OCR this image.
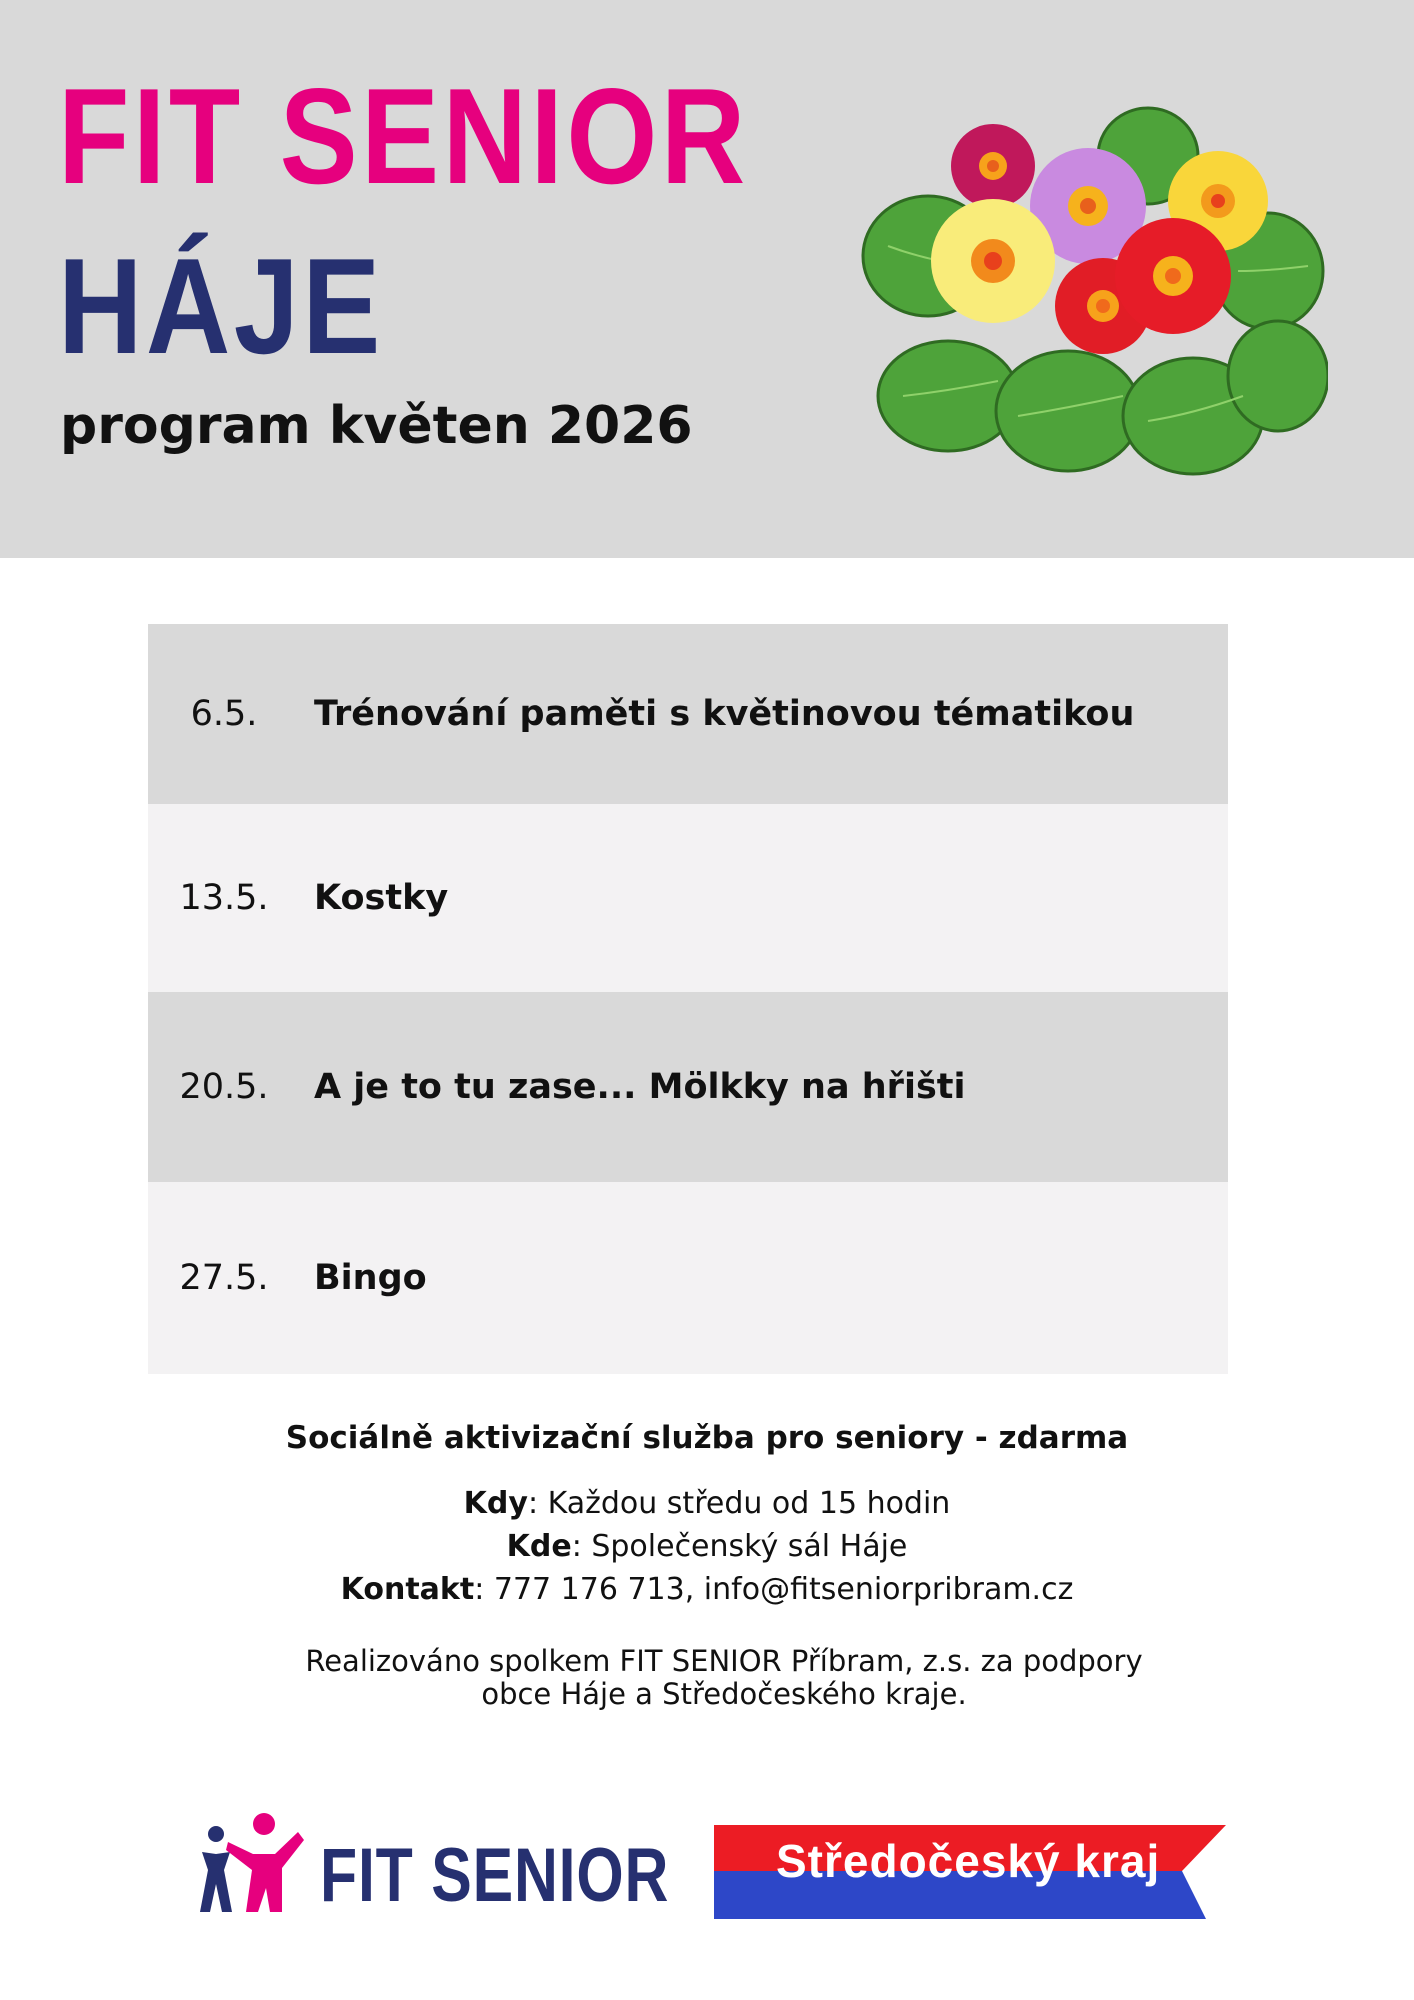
FIT SENIOR
HÁJE
program květen 2026
6.5.	Trénování paměti s květinovou tématikou
13.5.	Kostky
20.5.	A je to tu zase... Mölkky na hřišti
27.5.	Bingo

Sociálně aktivizační služba pro seniory - zdarma

Kdy: Každou středu od 15 hodin

Kde: Společenský sál Háje

Kontakt: 777 176 713, info@fitseniorpribram.cz

Realizováno spolkem FIT SENIOR Příbram, z.s. za podpory
obce Háje a Středočeského kraje.

FIT SENIOR Středočeský kraj
